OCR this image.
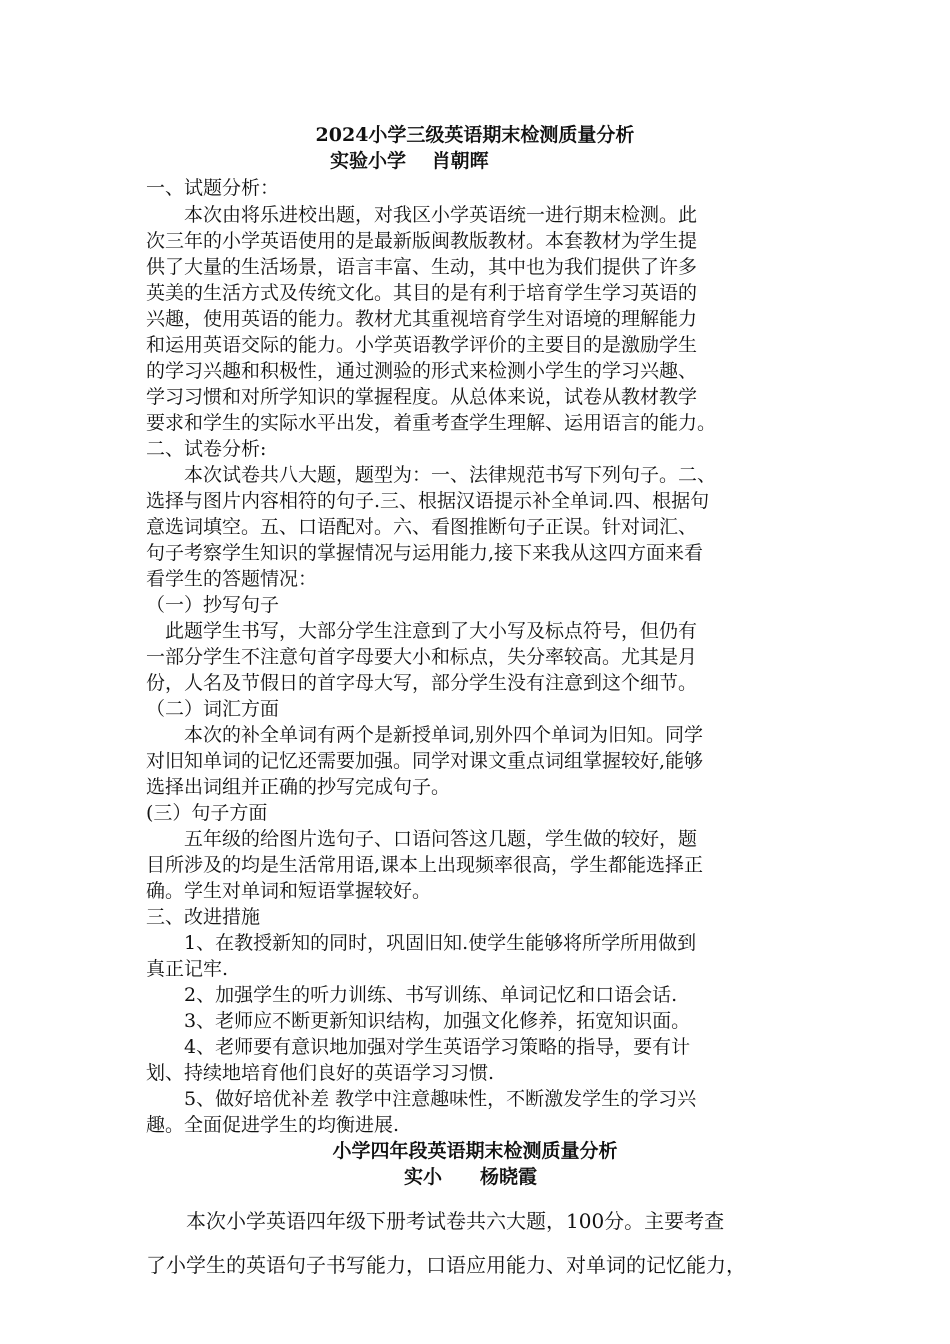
2024小学三级英语期末检测质量分析
实验小学　 肖朝晖
一、试题分析：
　　本次由将乐进校出题，对我区小学英语统一进行期末检测。此
次三年的小学英语使用的是最新版闽教版教材。本套教材为学生提
供了大量的生活场景，语言丰富、生动，其中也为我们提供了许多
英美的生活方式及传统文化。其目的是有利于培育学生学习英语的
兴趣，使用英语的能力。教材尤其重视培育学生对语境的理解能力
和运用英语交际的能力。小学英语教学评价的主要目的是激励学生
的学习兴趣和积极性，通过测验的形式来检测小学生的学习兴趣、
学习习惯和对所学知识的掌握程度。从总体来说，试卷从教材教学
要求和学生的实际水平出发，着重考查学生理解、运用语言的能力。
二、试卷分析:
　　本次试卷共八大题，题型为：一、法律规范书写下列句子。二、
选择与图片内容相符的句子.三、根据汉语提示补全单词.四、根据句
意选词填空。五、口语配对。六、看图推断句子正误。针对词汇、
句子考察学生知识的掌握情况与运用能力,接下来我从这四方面来看
看学生的答题情况：
（一）抄写句子
　此题学生书写，大部分学生注意到了大小写及标点符号，但仍有
一部分学生不注意句首字母要大小和标点，失分率较高。尤其是月
份，人名及节假日的首字母大写，部分学生没有注意到这个细节。
（二）词汇方面
　　本次的补全单词有两个是新授单词,别外四个单词为旧知。同学
对旧知单词的记忆还需要加强。同学对课文重点词组掌握较好,能够
选择出词组并正确的抄写完成句子。
(三）句子方面
　　五年级的给图片选句子、口语问答这几题，学生做的较好，题
目所涉及的均是生活常用语,课本上出现频率很高，学生都能选择正
确。学生对单词和短语掌握较好。
三、改进措施
　　1、在教授新知的同时，巩固旧知.使学生能够将所学所用做到
真正记牢.
　　2、加强学生的听力训练、书写训练、单词记忆和口语会话.
　　3、老师应不断更新知识结构，加强文化修养，拓宽知识面。
　　4、老师要有意识地加强对学生英语学习策略的指导，要有计
划、持续地培育他们良好的英语学习习惯.
　　5、做好培优补差 教学中注意趣味性，不断激发学生的学习兴
趣。全面促进学生的均衡进展.
小学四年段英语期末检测质量分析
实小　　杨晓霞
　　本次小学英语四年级下册考试卷共六大题，100分。主要考查
了小学生的英语句子书写能力，口语应用能力、对单词的记忆能力，
